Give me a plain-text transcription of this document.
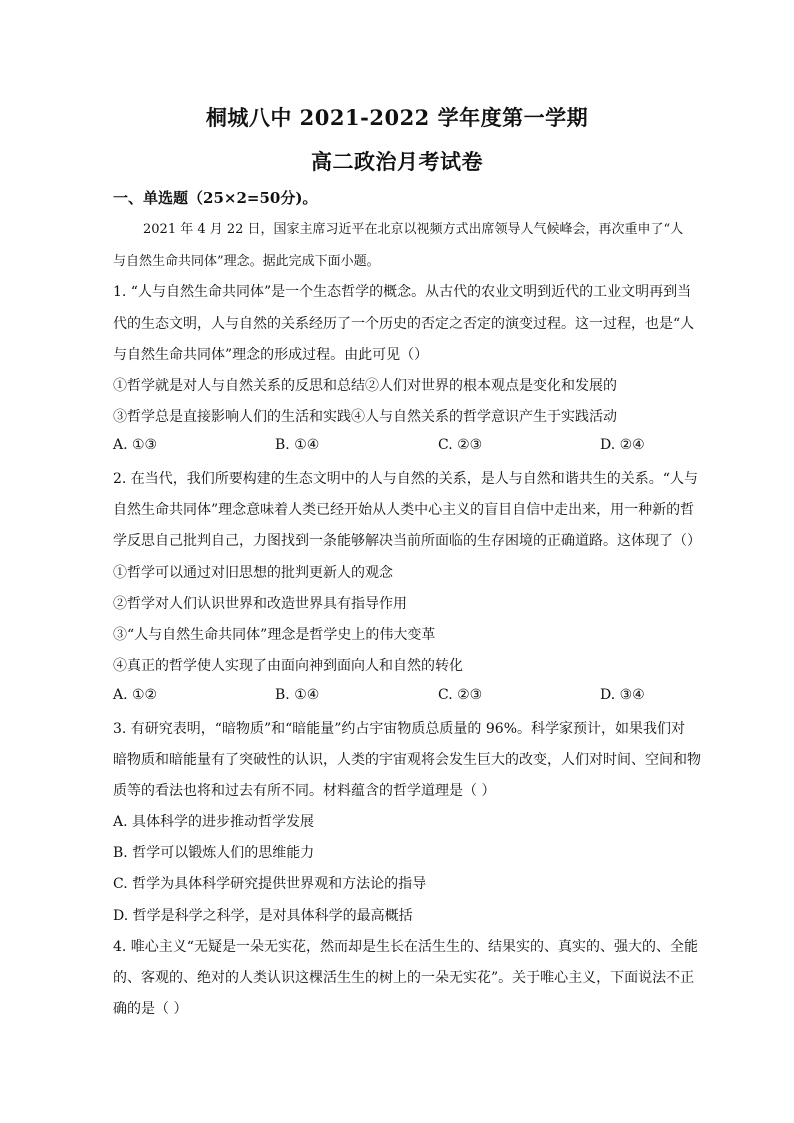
桐城八中 2021-2022 学年度第一学期
高二政治月考试卷
一、单选题（25×2=50分)。
2021 年 4 月 22 日，国家主席习近平在北京以视频方式出席领导人气候峰会，再次重申了“人
与自然生命共同体”理念。据此完成下面小题。
1. “人与自然生命共同体”是一个生态哲学的概念。从古代的农业文明到近代的工业文明再到当
代的生态文明，人与自然的关系经历了一个历史的否定之否定的演变过程。这一过程，也是“人
与自然生命共同体”理念的形成过程。由此可见（）
①哲学就是对人与自然关系的反思和总结②人们对世界的根本观点是变化和发展的
③哲学总是直接影响人们的生活和实践④人与自然关系的哲学意识产生于实践活动
A. ①③	B. ①④	C. ②③	D. ②④
2. 在当代，我们所要构建的生态文明中的人与自然的关系，是人与自然和谐共生的关系。“人与
自然生命共同体”理念意味着人类已经开始从人类中心主义的盲目自信中走出来，用一种新的哲
学反思自己批判自己，力图找到一条能够解决当前所面临的生存困境的正确道路。这体现了（）
①哲学可以通过对旧思想的批判更新人的观念
②哲学对人们认识世界和改造世界具有指导作用
③“人与自然生命共同体”理念是哲学史上的伟大变革
④真正的哲学使人实现了由面向神到面向人和自然的转化
A. ①②	B. ①④	C. ②③	D. ③④
3. 有研究表明，“暗物质”和“暗能量”约占宇宙物质总质量的 96%。科学家预计，如果我们对
暗物质和暗能量有了突破性的认识，人类的宇宙观将会发生巨大的改变，人们对时间、空间和物
质等的看法也将和过去有所不同。材料蕴含的哲学道理是（ ）
A. 具体科学的进步推动哲学发展
B. 哲学可以锻炼人们的思维能力
C. 哲学为具体科学研究提供世界观和方法论的指导
D. 哲学是科学之科学，是对具体科学的最高概括
4. 唯心主义“无疑是一朵无实花，然而却是生长在活生生的、结果实的、真实的、强大的、全能
的、客观的、绝对的人类认识这棵活生生的树上的一朵无实花”。关于唯心主义，下面说法不正
确的是（ ）
